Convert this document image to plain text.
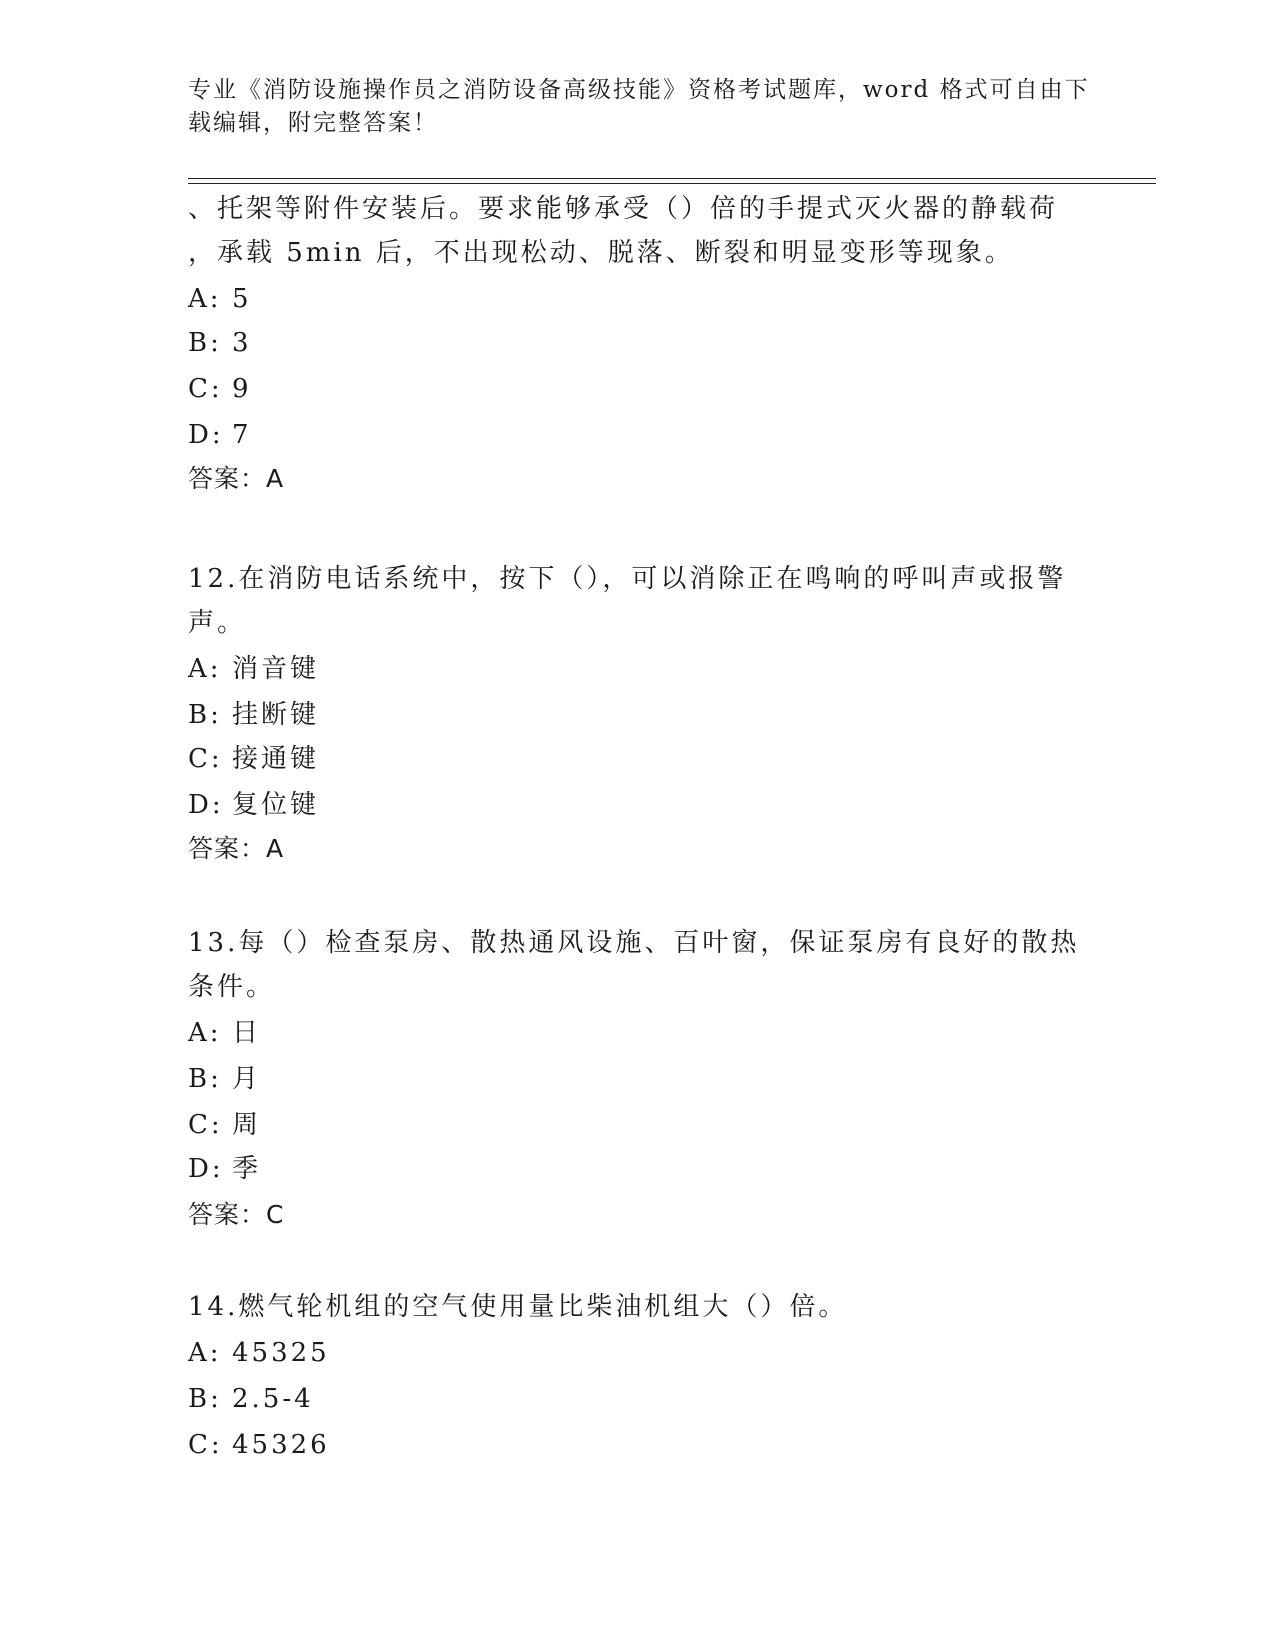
专业《消防设施操作员之消防设备高级技能》资格考试题库，word 格式可自由下
载编辑，附完整答案！
、托架等附件安装后。要求能够承受（）倍的手提式灭火器的静载荷
，承载 5min 后，不出现松动、脱落、断裂和明显变形等现象。
A: 5
B: 3
C: 9
D: 7
答案：A
12.在消防电话系统中，按下（），可以消除正在鸣响的呼叫声或报警
声。
A: 消音键
B: 挂断键
C: 接通键
D: 复位键
答案：A
13.每（）检查泵房、散热通风设施、百叶窗，保证泵房有良好的散热
条件。
A: 日
B: 月
C: 周
D: 季
答案：C
14.燃气轮机组的空气使用量比柴油机组大（）倍。
A: 45325
B: 2.5-4
C: 45326
